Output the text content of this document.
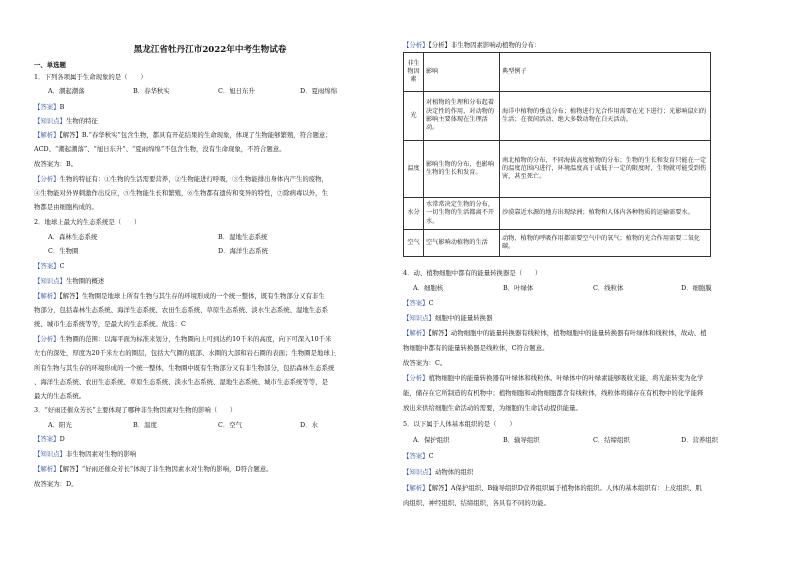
黑龙江省牡丹江市2022年中考生物试卷
一、单选题
1．下列各项属于生命现象的是（　　）
A．潮起潮落	B．春华秋实	C．旭日东升	D．夏雨绵绵
【答案】B
【知识点】生物的特征
【解析】【解答】B.“春华秋实”包含生物，都具有开花结果的生命现象，体现了生物能够繁殖，符合题意；
ACD、“潮起潮落”、“旭日东升”、“夏雨绵绵”不包含生物，没有生命现象，不符合题意。
故答案为：B。
【分析】生物的特征有：①生物的生活需要营养，②生物能进行呼吸，③生物能排出身体内产生的废物，
④生物能对外界刺激作出反应，⑤生物能生长和繁殖，⑥生物都有遗传和变异的特性，⑦除病毒以外，生
物都是由细胞构成的。
2．地球上最大的生态系统是（　　）
A．森林生态系统	B．湿地生态系统
C．生物圈	D．海洋生态系统
【答案】C
【知识点】生物圈的概述
【解析】【解答】生物圈是地球上所有生物与其生存的环境形成的一个统一整体，既有生物部分又有非生
物部分，包括森林生态系统、海洋生态系统、农田生态系统、草原生态系统、淡水生态系统、湿地生态系
统、城市生态系统等等，是最大的生态系统。故选：C
【分析】生物圈的范围：以海平面为标准来划分，生物圈向上可到达约10千米的高度，向下可深入10千米
左右的深处，厚度为20千米左右的圈层，包括大气圈的底部、水圈的大部和岩石圈的表面；生物圈是地球上
所有生物与其生存的环境形成的一个统一整体，生物圈中既有生物部分又有非生物部分，包括森林生态系统
、海洋生态系统、农田生态系统、草原生态系统、淡水生态系统、湿地生态系统、城市生态系统等等，是
最大的生态系统。
3．“好雨还催众芳长”主要体现了哪种非生物因素对生物的影响（　　）
A．阳光	B．温度	C．空气	D．水
【答案】D
【知识点】非生物因素对生物的影响
【解析】【解答】“好雨还催众芳长”体现了非生物因素水对生物的影响，D符合题意。
故答案为：D。
【分析】【分析】非生物因素影响动植物的分布：
非生物因素	影响	典型例子
光	对植物的生理和分布起着决定性的作用，对动物的影响主要体现在生理活动。	海洋中植物的垂直分布；植物进行光合作用需要在光下进行；光影响鼠妇的生活；在夜间活动、绝大多数动物在白天活动。
温度	影响生物的分布，也影响生物的生长和发育。	南北植物的分布，不同海拔高度植物的分布；生物的生长和发育只能在一定的温度范围内进行，环境温度高于或低于一定的限度时，生物就可能受到伤害，甚至死亡。
水分	水常常决定生物的分布，一切生物的生活都离不开水。	沙漠靠近水源的地方出现绿洲；植物和人体内各种物质的运输需要水。
空气	空气影响动植物的生活	动物、植物的呼吸作用都需要空气中的氧气；植物的光合作用需要二氧化碳。
4．动、植物细胞中都有的能量转换器是（　　）
A．细胞核	B．叶绿体	C．线粒体	D．细胞膜
【答案】C
【知识点】细胞中的能量转换器
【解析】【解答】动物细胞中的能量转换器有线粒体，植物细胞中的能量转换器有叶绿体和线粒体，故动、植
物细胞中都有的能量转换器是线粒体，C符合题意。
故答案为：C。
【分析】植物细胞中的能量转换器有叶绿体和线粒体。叶绿体中的叶绿素能够吸收光能，将光能转变为化学
能，储存在它所制造的有机物中；植物细胞和动物细胞都含有线粒体，线粒体将储存在有机物中的化学能释
放出来供给细胞生命活动的需要，为细胞的生命活动提供能量。
5．以下属于人体基本组织的是（　　）
A．保护组织	B．输导组织	C．结缔组织	D．营养组织
【答案】C
【知识点】动物体的组织
【解析】【解答】A保护组织、B输导组织D营养组织属于植物体的组织。人体的基本组织有：上皮组织、肌
肉组织、神经组织、结缔组织，各具有不同的功能。
